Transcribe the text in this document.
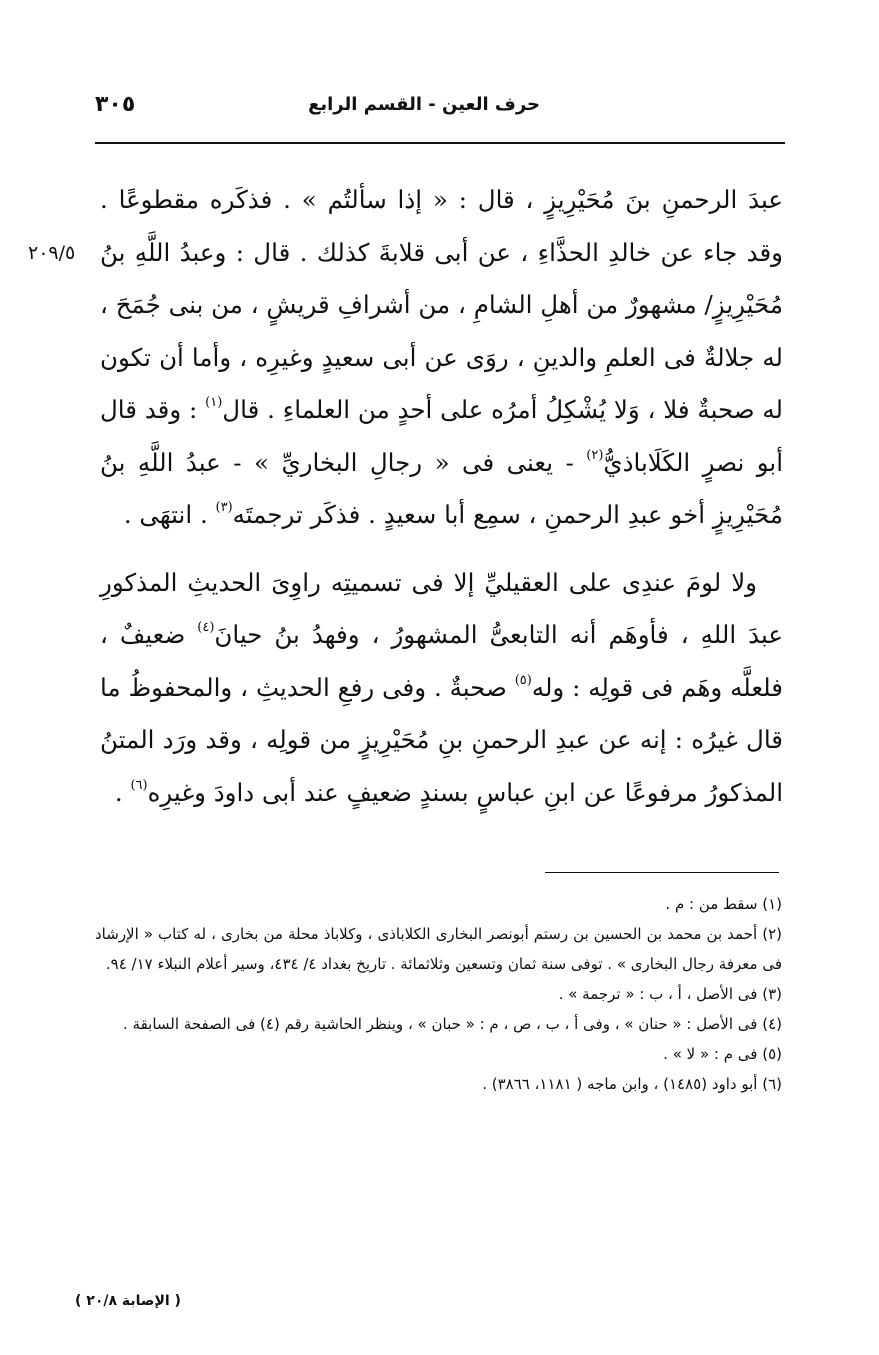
حرف العين - القسم الرابع
٣٠٥
٢٠٩/٥

عبدَ الرحمنِ بنَ مُحَيْرِيزٍ ، قال : « إذا سألتُم » . فذكَره مقطوعًا . وقد جاء عن خالدِ الحذَّاءِ ، عن أبى قلابةَ كذلك . قال : وعبدُ اللَّهِ بنُ مُحَيْرِيزٍ/ مشهورٌ من أهلِ الشامِ ، من أشرافِ قريشٍ ، من بنى جُمَحَ ، له جلالةٌ فى العلمِ والدينِ ، روَى عن أبى سعيدٍ وغيرِه ، وأما أن تكون له صحبةٌ فلا ، وَلا يُشْكِلُ أمرُه على أحدٍ من العلماءِ . قال$^{(١)}$ : وقد قال أبو نصرٍ الكَلَاباذيُّ$^{(٢)}$ - يعنى فى « رجالِ البخاريِّ » - عبدُ اللَّهِ بنُ مُحَيْرِيزٍ أخو عبدِ الرحمنِ ، سمِع أبا سعيدٍ . فذكَر ترجمتَه$^{(٣)}$ . انتهَى .

ولا لومَ عندِى على العقيليِّ إلا فى تسميتِه راوِىَ الحديثِ المذكورِ عبدَ اللهِ ، فأوهَم أنه التابعىُّ المشهورُ ، وفهدُ بنُ حيانَ$^{(٤)}$ ضعيفٌ ، فلعلَّه وهَم فى قولِه : وله$^{(٥)}$ صحبةٌ . وفى رفعِ الحديثِ ، والمحفوظُ ما قال غيرُه : إنه عن عبدِ الرحمنِ بنِ مُحَيْرِيزٍ من قولِه ، وقد ورَد المتنُ المذكورُ مرفوعًا عن ابنِ عباسٍ بسندٍ ضعيفٍ عند أبى داودَ وغيرِه$^{(٦)}$ .

(١) سقط من : م .

(٢) أحمد بن محمد بن الحسين بن رستم أبونصر البخارى الكلاباذى ، وكلاباذ محلة من بخارى ، له كتاب « الإرشاد فى معرفة رجال البخارى » . توفى سنة ثمان وتسعين وثلاثمائة . تاريخ بغداد ٤/ ٤٣٤، وسير أعلام النبلاء ١٧/ ٩٤.

(٣) فى الأصل ، أ ، ب : « ترجمة » .

(٤) فى الأصل : « حنان » ، وفى أ ، ب ، ص ، م : « حبان » ، وينظر الحاشية رقم (٤) فى الصفحة السابقة .

(٥) فى م : « لا » .

(٦) أبو داود (١٤٨٥) ، وابن ماجه ( ١١٨١، ٣٨٦٦) .

( الإصابة ٢٠/٨ )
